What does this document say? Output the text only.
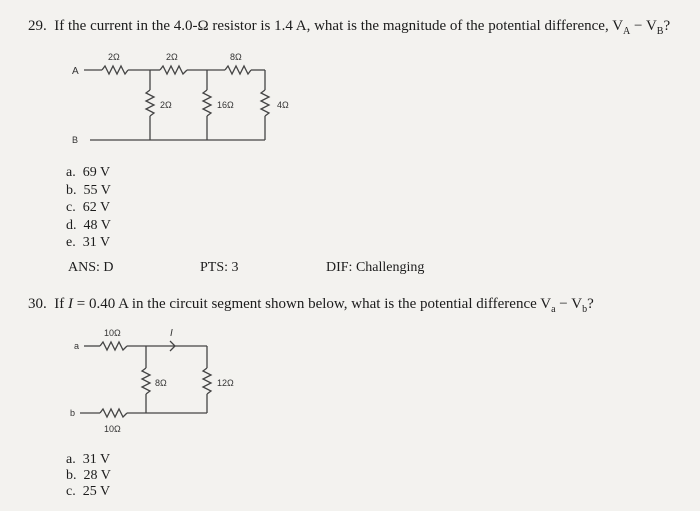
29. If the current in the 4.0-Ω resistor is 1.4 A, what is the magnitude of the potential difference, $V_A - V_B$?
A
B
2Ω	2Ω	8Ω
2Ω	16Ω	4Ω
a. 69 V
b. 55 V
c. 62 V
d. 48 V
e. 31 V
ANS: D	PTS: 3	DIF: Challenging
30. If I = 0.40 A in the circuit segment shown below, what is the potential difference $V_a - V_b$?
a
b
10Ω
10Ω
8Ω	12Ω
I
a. 31 V
b. 28 V
c. 25 V
